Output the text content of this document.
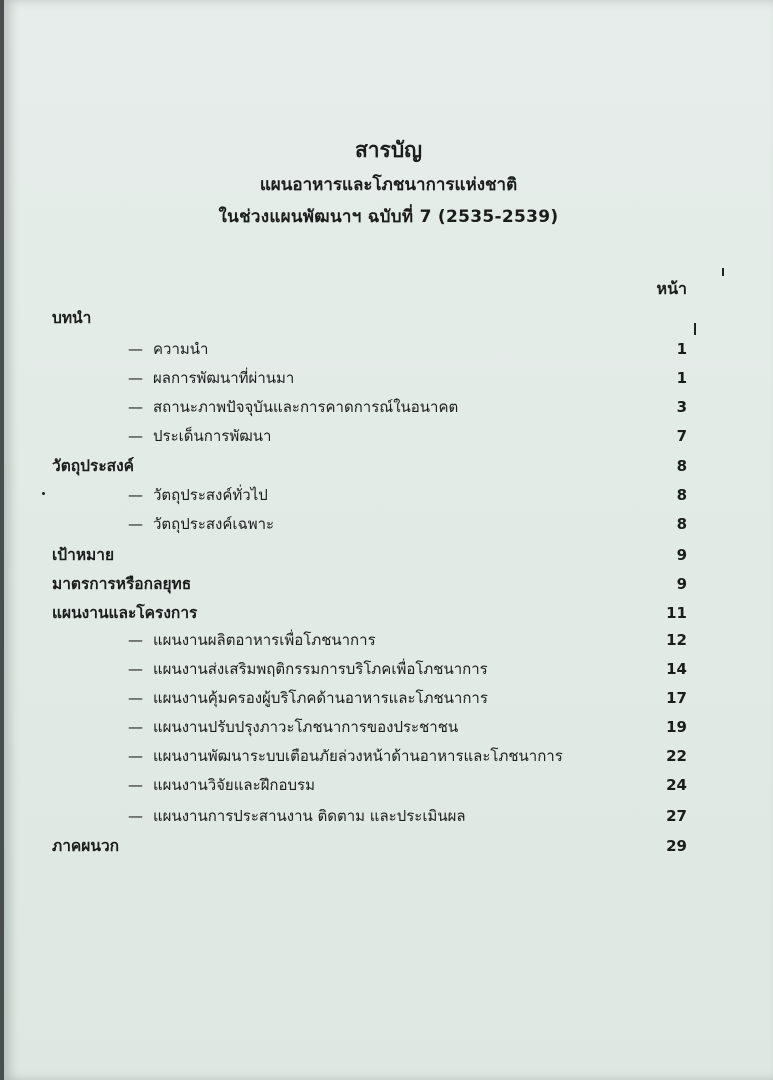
สารบัญ
แผนอาหารและโภชนาการแห่งชาติ
ในช่วงแผนพัฒนาฯ ฉบับที่ 7 (2535-2539)
หน้า
บทนำ
— ความนำ	1
— ผลการพัฒนาที่ผ่านมา	1
— สถานะภาพปัจจุบันและการคาดการณ์ในอนาคต	3
— ประเด็นการพัฒนา	7
วัตถุประสงค์	8
— วัตถุประสงค์ทั่วไป	8
— วัตถุประสงค์เฉพาะ	8
เป้าหมาย	9
มาตรการหรือกลยุทธ	9
แผนงานและโครงการ	11
— แผนงานผลิตอาหารเพื่อโภชนาการ	12
— แผนงานส่งเสริมพฤติกรรมการบริโภคเพื่อโภชนาการ	14
— แผนงานคุ้มครองผู้บริโภคด้านอาหารและโภชนาการ	17
— แผนงานปรับปรุงภาวะโภชนาการของประชาชน	19
— แผนงานพัฒนาระบบเตือนภัยล่วงหน้าด้านอาหารและโภชนาการ	22
— แผนงานวิจัยและฝึกอบรม	24
— แผนงานการประสานงาน ติดตาม และประเมินผล	27
ภาคผนวก	29
